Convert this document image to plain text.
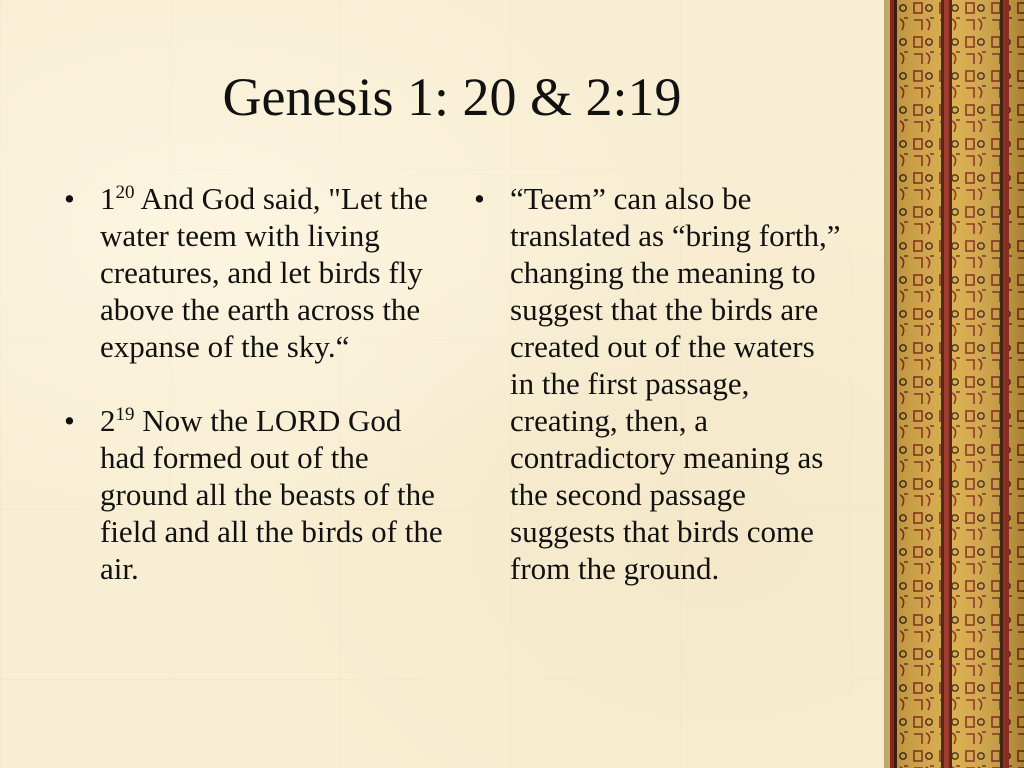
Genesis 1: 20 & 2:19
• $1^{20}$ And God said, "Let the water teem with living creatures, and let birds fly above the earth across the expanse of the sky.“
• $2^{19}$ Now the LORD God had formed out of the ground all the beasts of the field and all the birds of the air.
• “Teem” can also be translated as “bring forth,” changing the meaning to suggest that the birds are created out of the waters in the first passage, creating, then, a contradictory meaning as the second passage suggests that birds come from the ground.
